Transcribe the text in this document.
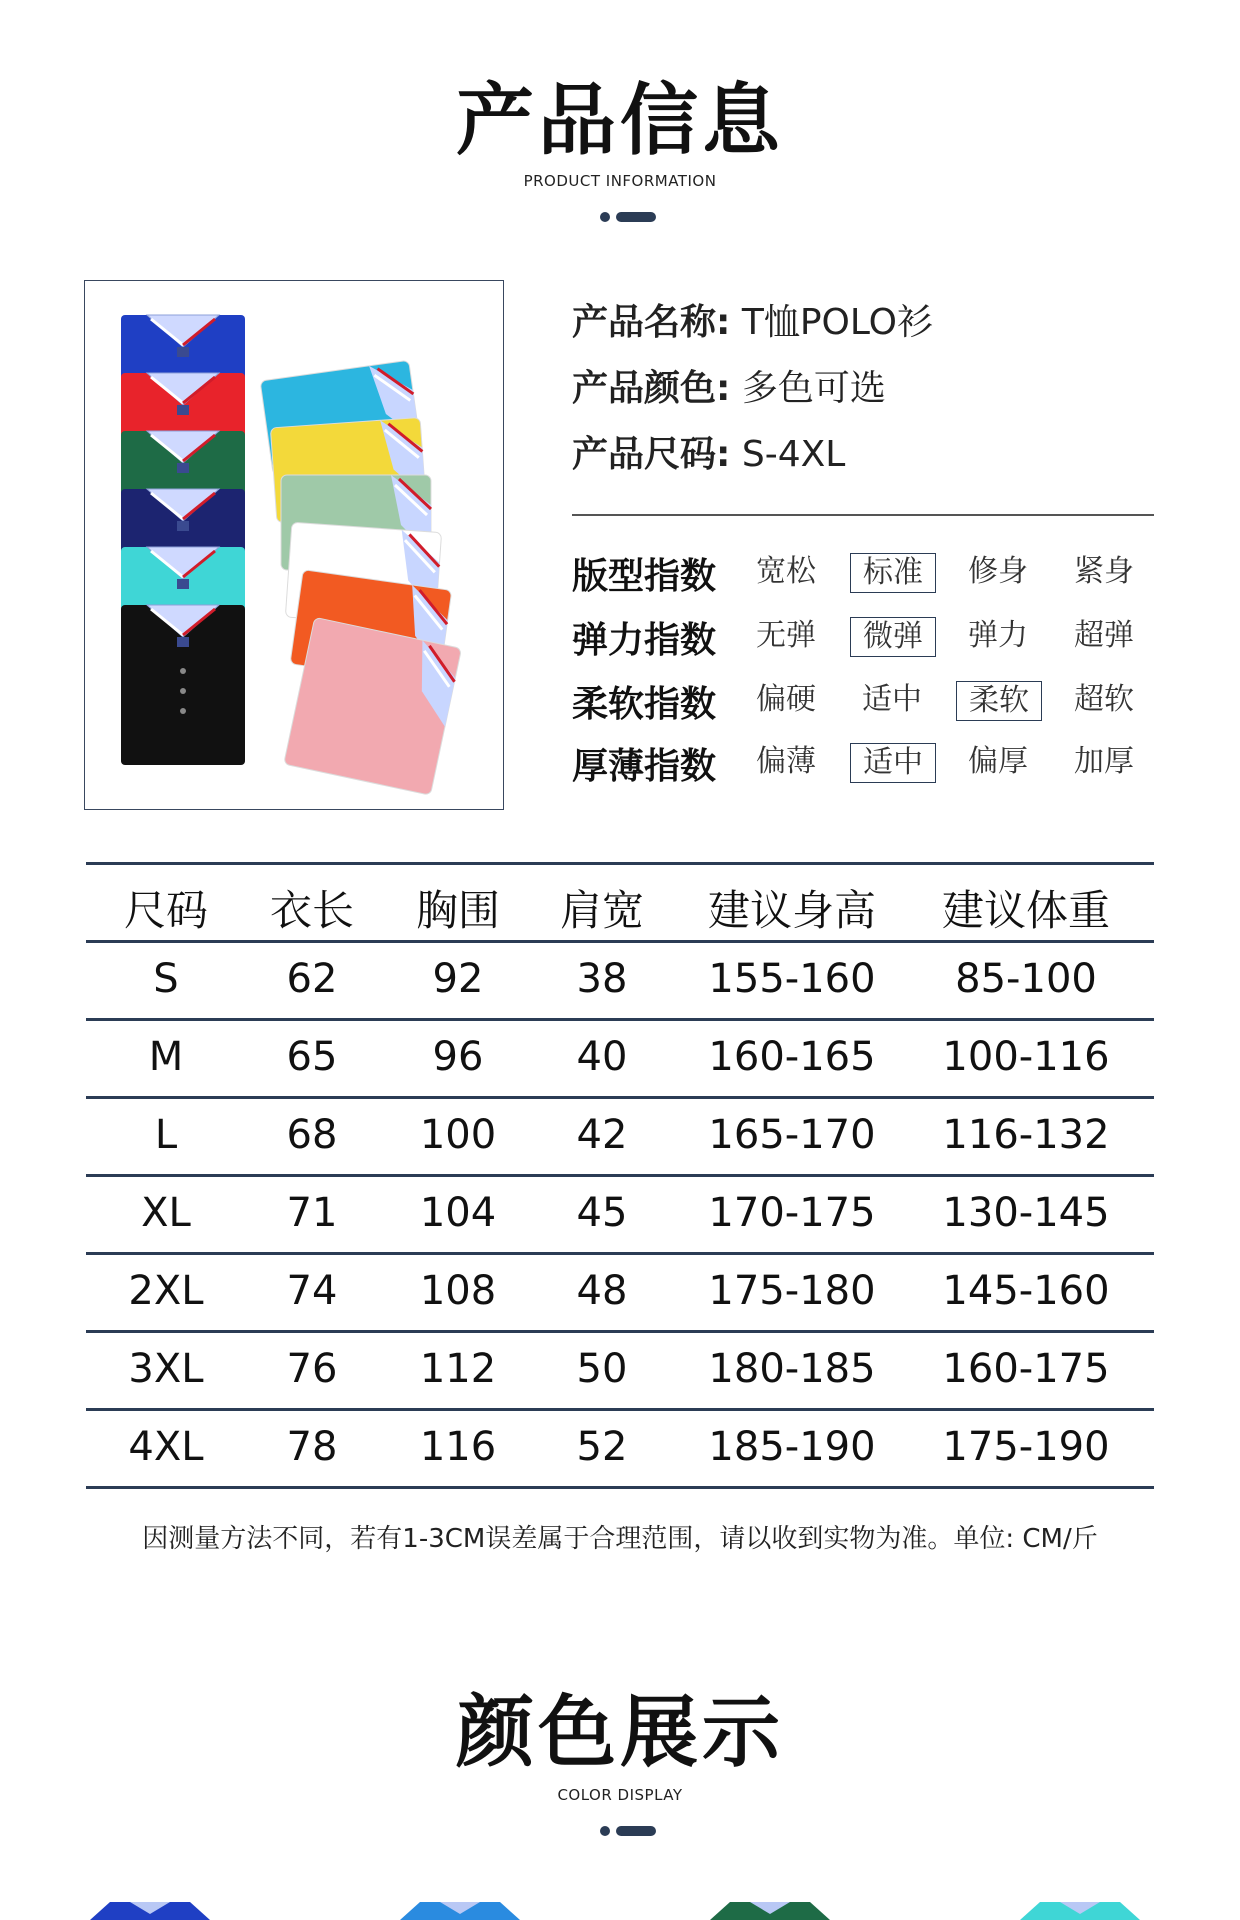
产品信息
PRODUCT INFORMATION
产品名称: T恤POLO衫
产品颜色: 多色可选
产品尺码: S-4XL
版型指数	宽松	标准	修身	紧身
弹力指数	无弹	微弹	弹力	超弹
柔软指数	偏硬	适中	柔软	超软
厚薄指数	偏薄	适中	偏厚	加厚
尺码	衣长	胸围	肩宽	建议身高	建议体重
S	62	92	38	155-160	85-100
M	65	96	40	160-165	100-116
L	68	100	42	165-170	116-132
XL	71	104	45	170-175	130-145
2XL	74	108	48	175-180	145-160
3XL	76	112	50	180-185	160-175
4XL	78	116	52	185-190	175-190
因测量方法不同，若有1-3CM误差属于合理范围，请以收到实物为准。单位: CM/斤
颜色展示
COLOR DISPLAY
